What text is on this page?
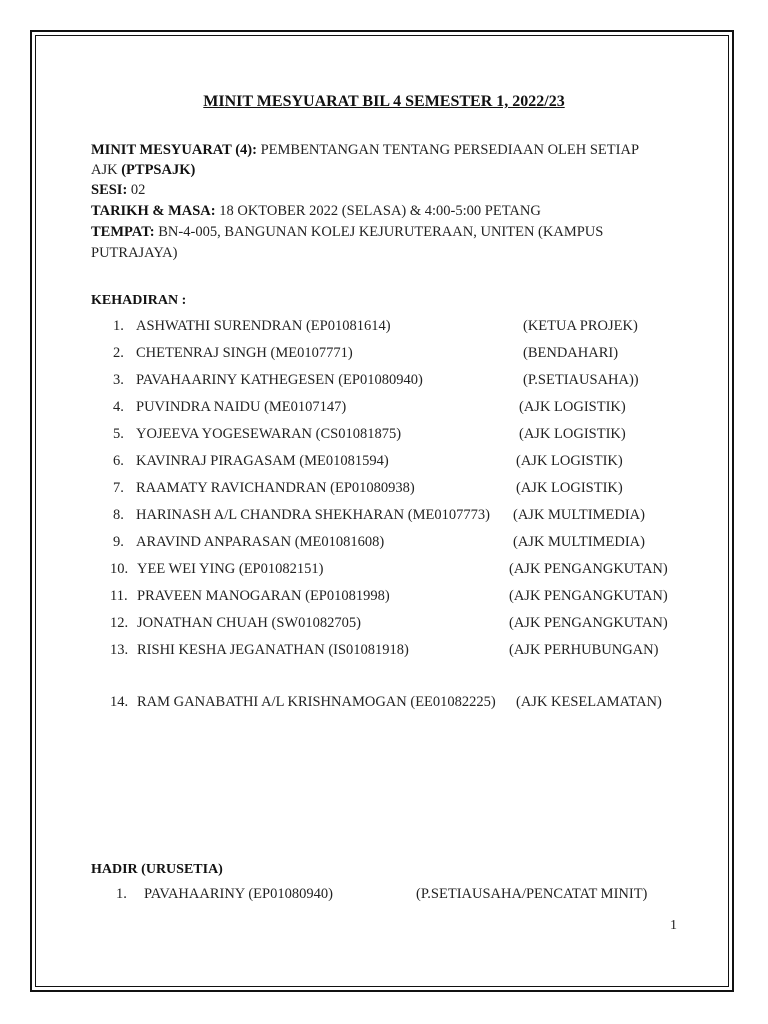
MINIT MESYUARAT BIL 4 SEMESTER 1, 2022/23
MINIT MESYUARAT (4): PEMBENTANGAN TENTANG PERSEDIAAN OLEH SETIAP
AJK (PTPSAJK)
SESI: 02
TARIKH & MASA: 18 OKTOBER 2022 (SELASA) & 4:00-5:00 PETANG
TEMPAT: BN-4-005, BANGUNAN KOLEJ KEJURUTERAAN, UNITEN (KAMPUS
PUTRAJAYA)
KEHADIRAN :
1. ASHWATHI SURENDRAN (EP01081614)	(KETUA PROJEK)
2. CHETENRAJ SINGH (ME0107771)	(BENDAHARI)
3. PAVAHAARINY KATHEGESEN (EP01080940)	(P.SETIAUSAHA))
4. PUVINDRA NAIDU (ME0107147)	(AJK LOGISTIK)
5. YOJEEVA YOGESEWARAN (CS01081875)	(AJK LOGISTIK)
6. KAVINRAJ PIRAGASAM (ME01081594)	(AJK LOGISTIK)
7. RAAMATY RAVICHANDRAN (EP01080938)	(AJK LOGISTIK)
8. HARINASH A/L CHANDRA SHEKHARAN (ME0107773) (AJK MULTIMEDIA)
9. ARAVIND ANPARASAN (ME01081608)	(AJK MULTIMEDIA)
10. YEE WEI YING (EP01082151)	(AJK PENGANGKUTAN)
11. PRAVEEN MANOGARAN (EP01081998)	(AJK PENGANGKUTAN)
12. JONATHAN CHUAH (SW01082705)	(AJK PENGANGKUTAN)
13. RISHI KESHA JEGANATHAN (IS01081918)	(AJK PERHUBUNGAN)
14. RAM GANABATHI A/L KRISHNAMOGAN (EE01082225) (AJK KESELAMATAN)
HADIR (URUSETIA)
1. PAVAHAARINY (EP01080940)	(P.SETIAUSAHA/PENCATAT MINIT)
1
